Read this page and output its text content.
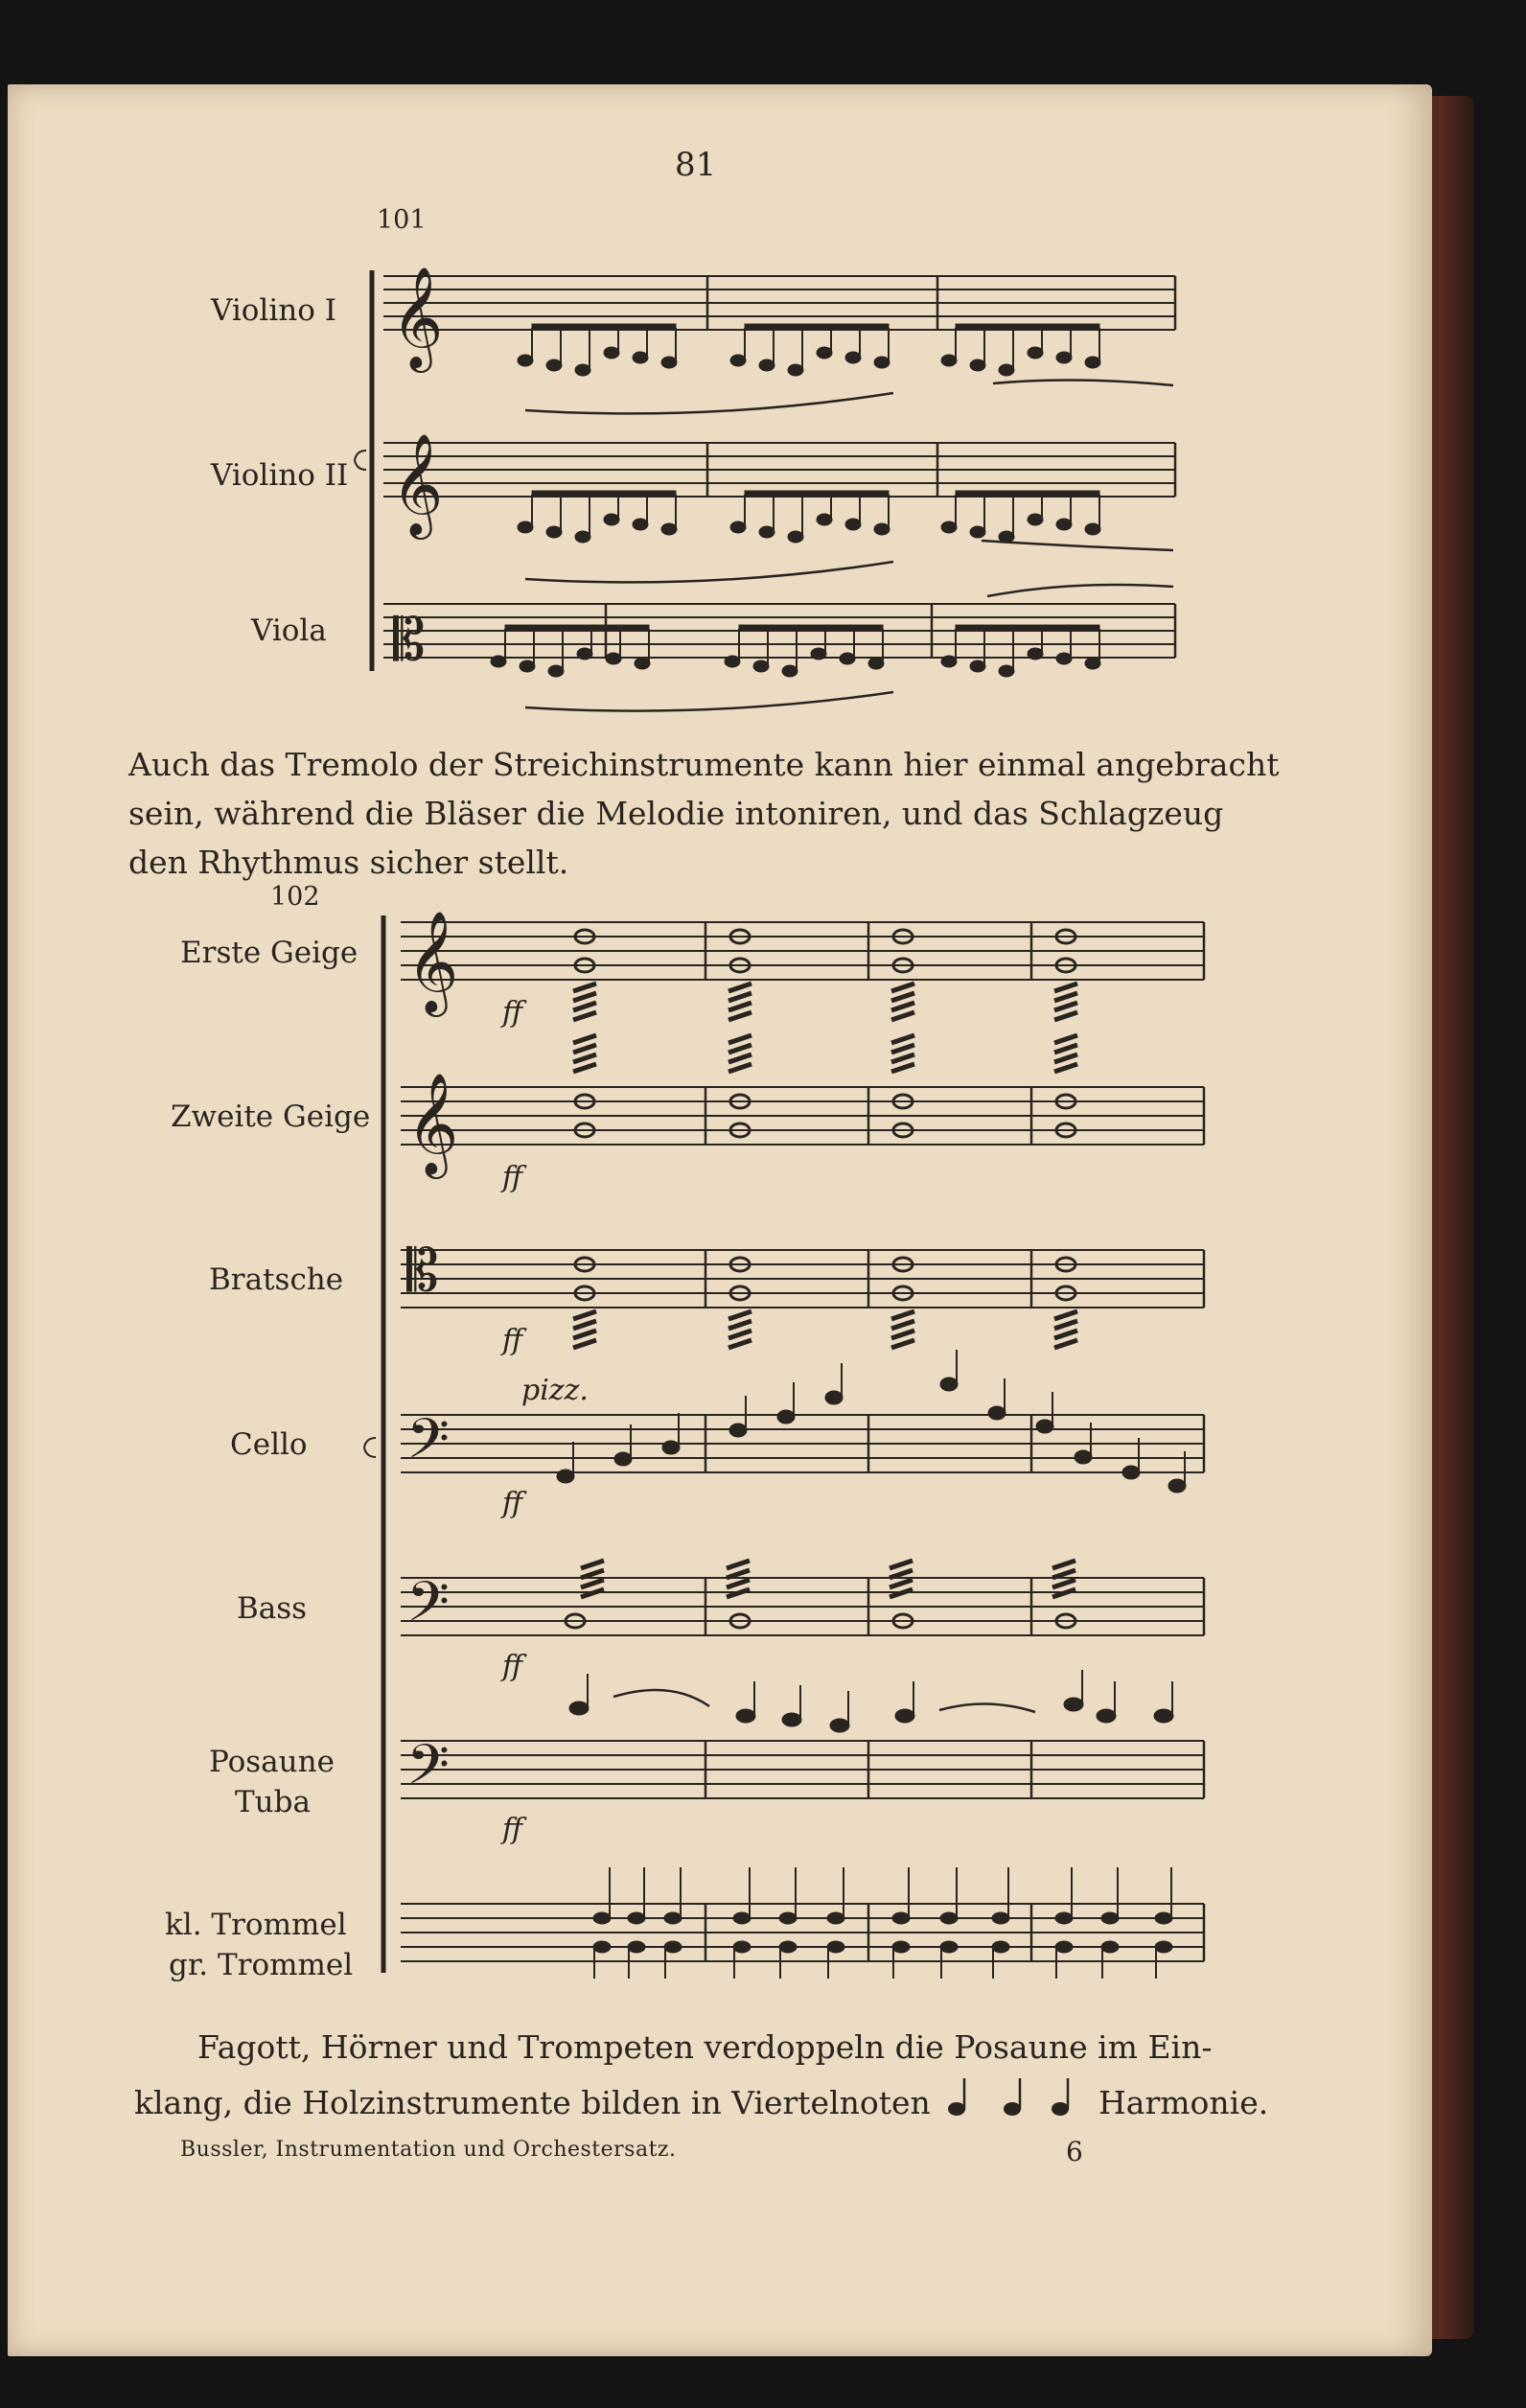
81
101
Violino I
Violino II
Viola
Auch das Tremolo der Streichinstrumente kann hier einmal angebracht
sein, während die Bläser die Melodie intoniren, und das Schlagzeug
den Rhythmus sicher stellt.
102
Erste Geige
Zweite Geige
Bratsche
Cello
Bass
Posaune
Tuba
kl. Trommel
gr. Trommel
Fagott, Hörner und Trompeten verdoppeln die Posaune im Ein-
klang, die Holzinstrumente bilden in Viertelnoten	Harmonie.
Bussler, Instrumentation und Orchestersatz.	6
𝄞
𝄞
𝄡
𝄞
𝄞
𝄡
𝄢
𝄢
𝄢
ff
ff
ff
ff
ff
ff
pizz.
